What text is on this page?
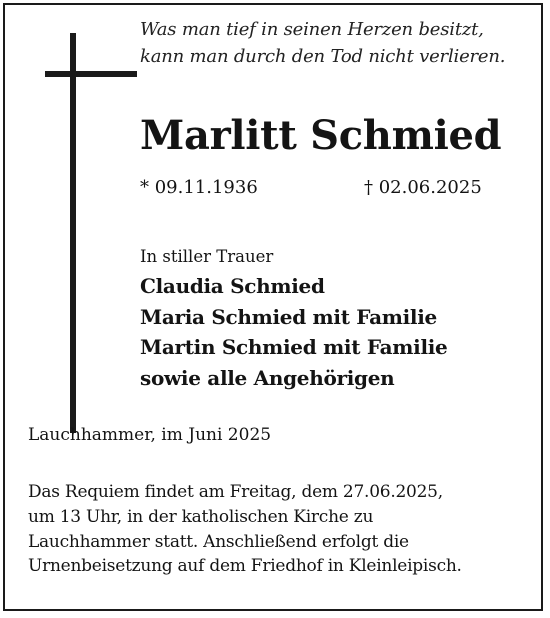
Was man tief in seinen Herzen besitzt,
kann man durch den Tod nicht verlieren.
Marlitt Schmied
* 09.11.1936	† 02.06.2025
In stiller Trauer
Claudia Schmied
Maria Schmied mit Familie
Martin Schmied mit Familie
sowie alle Angehörigen
Lauchhammer, im Juni 2025
Das Requiem findet am Freitag, dem 27.06.2025,
um 13 Uhr, in der katholischen Kirche zu
Lauchhammer statt. Anschließend erfolgt die
Urnenbeisetzung auf dem Friedhof in Kleinleipisch.
